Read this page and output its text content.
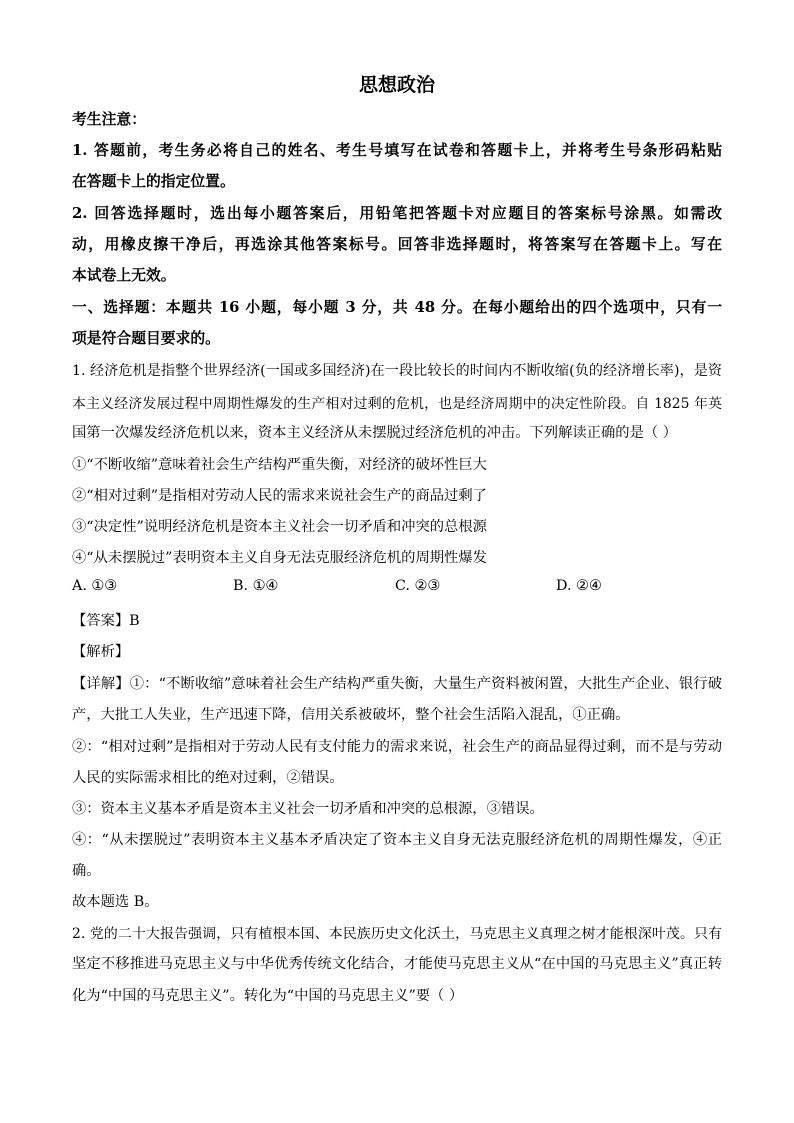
思想政治
考生注意：
1. 答题前，考生务必将自己的姓名、考生号填写在试卷和答题卡上，并将考生号条形码粘贴
在答题卡上的指定位置。
2. 回答选择题时，选出每小题答案后，用铅笔把答题卡对应题目的答案标号涂黑。如需改
动，用橡皮擦干净后，再选涂其他答案标号。回答非选择题时，将答案写在答题卡上。写在
本试卷上无效。
一、选择题：本题共 16 小题，每小题 3 分，共 48 分。在每小题给出的四个选项中，只有一
项是符合题目要求的。
1. 经济危机是指整个世界经济(一国或多国经济)在一段比较长的时间内不断收缩(负的经济增长率)，是资
本主义经济发展过程中周期性爆发的生产相对过剩的危机，也是经济周期中的决定性阶段。自 1825 年英
国第一次爆发经济危机以来，资本主义经济从未摆脱过经济危机的冲击。下列解读正确的是（ ）
①“不断收缩”意味着社会生产结构严重失衡，对经济的破坏性巨大
②“相对过剩”是指相对劳动人民的需求来说社会生产的商品过剩了
③“决定性”说明经济危机是资本主义社会一切矛盾和冲突的总根源
④“从未摆脱过”表明资本主义自身无法克服经济危机的周期性爆发
A. ①③	B. ①④	C. ②③	D. ②④
【答案】B
【解析】
【详解】①：“不断收缩”意味着社会生产结构严重失衡，大量生产资料被闲置，大批生产企业、银行破
产，大批工人失业，生产迅速下降，信用关系被破坏，整个社会生活陷入混乱，①正确。
②：“相对过剩”是指相对于劳动人民有支付能力的需求来说，社会生产的商品显得过剩，而不是与劳动
人民的实际需求相比的绝对过剩，②错误。
③：资本主义基本矛盾是资本主义社会一切矛盾和冲突的总根源，③错误。
④：“从未摆脱过”表明资本主义基本矛盾决定了资本主义自身无法克服经济危机的周期性爆发，④正
确。
故本题选 B。
2. 党的二十大报告强调，只有植根本国、本民族历史文化沃土，马克思主义真理之树才能根深叶茂。只有
坚定不移推进马克思主义与中华优秀传统文化结合，才能使马克思主义从“在中国的马克思主义”真正转
化为“中国的马克思主义”。转化为“中国的马克思主义”要（ ）
